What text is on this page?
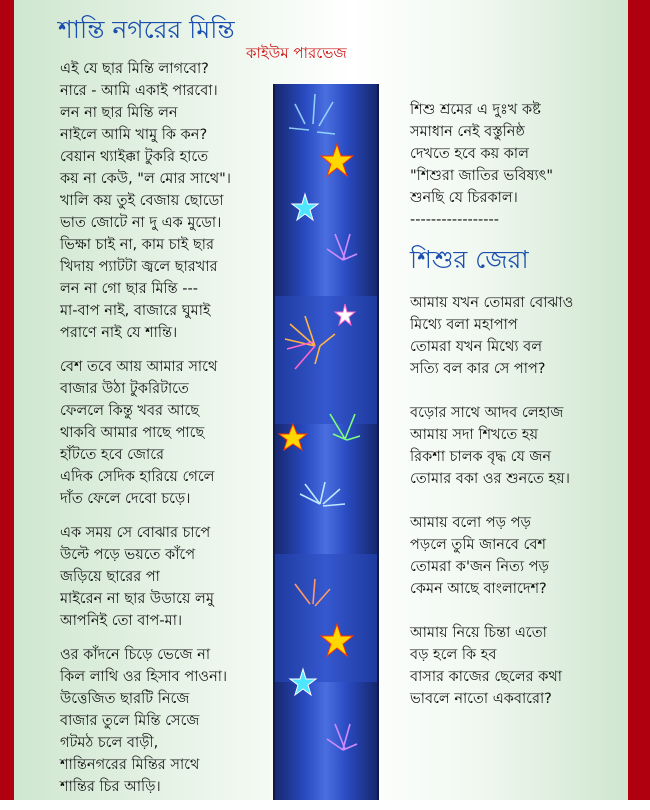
শান্তি নগরের মিন্তি
কাইউম পারভেজ

এই যে ছার মিন্তি লাগবো?

নারে - আমি একাই পারবো।

লন না ছার মিন্তি লন

নাইলে আমি খামু কি কন?

বেয়ান থ্যাইক্কা টুকরি হাতে

কয় না কেউ, "ল মোর সাথে"।

খালি কয় তুই বেজায় ছোডো

ভাত জোটে না দু এক মুডো।

ভিক্ষা চাই না, কাম চাই ছার

খিদায় প্যাটটা জ্বলে ছারখার

লন না গো ছার মিন্তি ---

মা-বাপ নাই, বাজারে ঘুমাই

পরাণে নাই যে শান্তি।

বেশ তবে আয় আমার সাথে

বাজার উঠা টুকরিটাতে

ফেললে কিন্তু খবর আছে

থাকবি আমার পাছে পাছে

হাঁটতে হবে জোরে

এদিক সেদিক হারিয়ে গেলে

দাঁত ফেলে দেবো চড়ে।

এক সময় সে বোঝার চাপে

উল্টে পড়ে ভয়তে কাঁপে

জড়িয়ে ছারের পা

মাইরেন না ছার উডায়ে লমু

আপনিই তো বাপ-মা।

ওর কাঁদনে চিড়ে ভেজে না

কিল লাথি ওর হিসাব পাওনা।

উত্তেজিত ছারটি নিজে

বাজার তুলে মিন্তি সেজে

গটমঠ চলে বাড়ী,

শান্তিনগরের মিন্তির সাথে

শান্তির চির আড়ি।

শিশু শ্রমের এ দুঃখ কষ্ট

সমাধান নেই বস্তুনিষ্ঠ

দেখতে হবে কয় কাল

"শিশুরা জাতির ভবিষ্যৎ"

শুনছি যে চিরকাল।

-----------------

শিশুর জেরা

আমায় যখন তোমরা বোঝাও

মিথ্যে বলা মহাপাপ

তোমরা যখন মিথ্যে বল

সত্যি বল কার সে পাপ?

বড়োর সাথে আদব লেহাজ

আমায় সদা শিখতে হয়

রিকশা চালক বৃদ্ধ যে জন

তোমার বকা ওর শুনতে হয়।

আমায় বলো পড় পড়

পড়লে তুমি জানবে বেশ

তোমরা ক'জন নিত্য পড়

কেমন আছে বাংলাদেশ?

আমায় নিয়ে চিন্তা এতো

বড় হলে কি হব

বাসার কাজের ছেলের কথা

ভাবলে নাতো একবারো?
